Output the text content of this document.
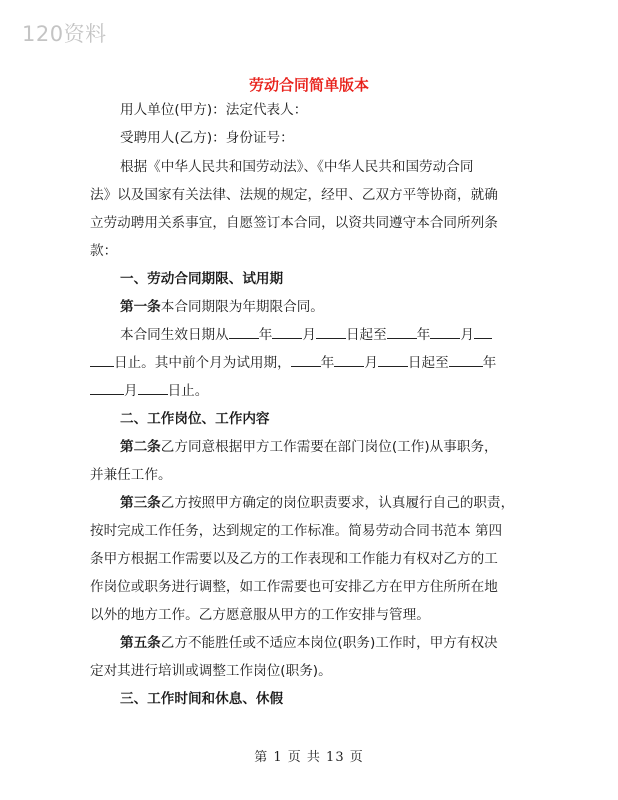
120资料
劳动合同简单版本
用人单位(甲方)：法定代表人：
受聘用人(乙方)：身份证号：
根据《中华人民共和国劳动法》、《中华人民共和国劳动合同
法》以及国家有关法律、法规的规定，经甲、乙双方平等协商，就确
立劳动聘用关系事宜，自愿签订本合同，以资共同遵守本合同所列条
款：
一、劳动合同期限、试用期
第一条本合同期限为年期限合同。
本合同生效日期从 年 月 日起至 年 月
日止。其中前个月为试用期， 年 月 日起至	年
月 日止。
二、工作岗位、工作内容
第二条乙方同意根据甲方工作需要在部门岗位(工作)从事职务，
并兼任工作。
第三条乙方按照甲方确定的岗位职责要求，认真履行自己的职责，
按时完成工作任务，达到规定的工作标准。简易劳动合同书范本 第四
条甲方根据工作需要以及乙方的工作表现和工作能力有权对乙方的工
作岗位或职务进行调整，如工作需要也可安排乙方在甲方住所所在地
以外的地方工作。乙方愿意服从甲方的工作安排与管理。
第五条乙方不能胜任或不适应本岗位(职务)工作时，甲方有权决
定对其进行培训或调整工作岗位(职务)。
三、工作时间和休息、休假
第 1 页 共 13 页
